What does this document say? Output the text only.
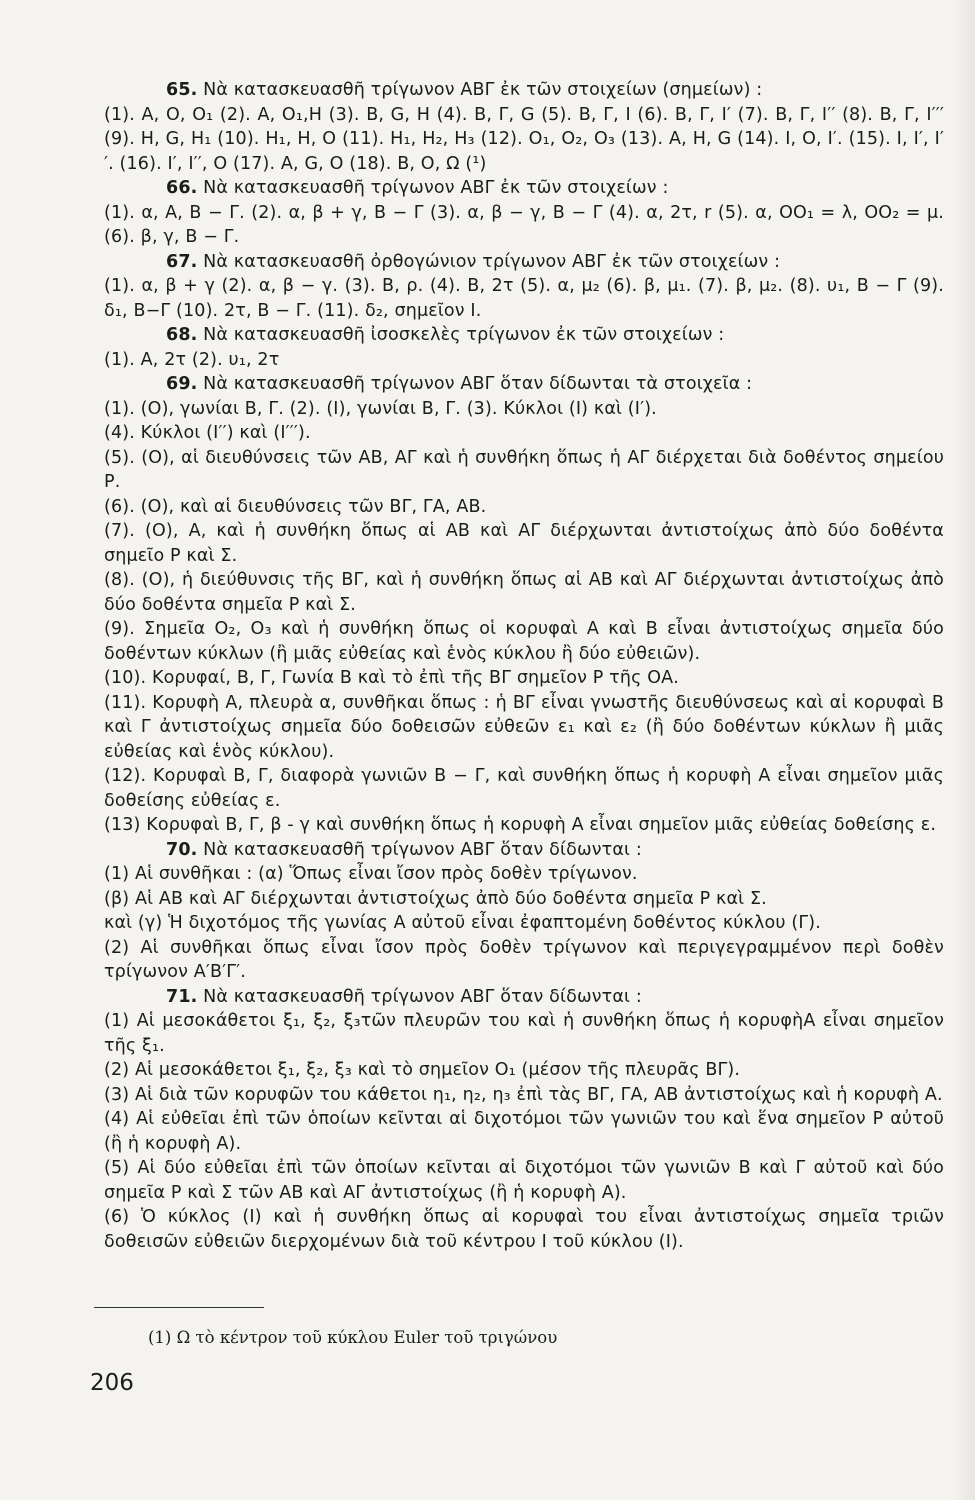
65. Νὰ κατασκευασθῆ τρίγωνον ΑΒΓ ἐκ τῶν στοιχείων (σημείων) :

(1). Α, Ο, Ο₁ (2). Α, Ο₁,Η (3). Β, G, Η (4). Β, Γ, G (5). Β, Γ, Ι (6). Β, Γ, Ι′ (7). Β, Γ, Ι′′ (8). Β, Γ, Ι′′′ (9). Η, G, Η₁ (10). Η₁, Η, Ο (11). Η₁, Η₂, Η₃ (12). Ο₁, Ο₂, Ο₃ (13). Α, Η, G (14). Ι, Ο, Ι′. (15). Ι, Ι′, Ι′′. (16). Ι′, Ι′′, Ο (17). Α, G, Ο (18). Β, Ο, Ω (¹)

66. Νὰ κατασκευασθῆ τρίγωνον ΑΒΓ ἐκ τῶν στοιχείων :

(1). α, Α, Β − Γ. (2). α, β + γ, Β − Γ (3). α, β − γ, Β − Γ (4). α, 2τ, r (5). α, ΟΟ₁ = λ, ΟΟ₂ = μ. (6). β, γ, Β − Γ.

67. Νὰ κατασκευασθῆ ὀρθογώνιον τρίγωνον ΑΒΓ ἐκ τῶν στοιχείων :

(1). α, β + γ (2). α, β − γ. (3). Β, ρ. (4). Β, 2τ (5). α, μ₂ (6). β, μ₁. (7). β, μ₂. (8). υ₁, Β − Γ (9). δ₁, Β−Γ (10). 2τ, Β − Γ. (11). δ₂, σημεῖον Ι.

68. Νὰ κατασκευασθῆ ἰσοσκελὲς τρίγωνον ἐκ τῶν στοιχείων :

(1). Α, 2τ (2). υ₁, 2τ

69. Νὰ κατασκευασθῆ τρίγωνον ΑΒΓ ὅταν δίδωνται τὰ στοιχεῖα :

(1). (Ο), γωνίαι Β, Γ. (2). (Ι), γωνίαι Β, Γ. (3). Κύκλοι (Ι) καὶ (Ι′).

(4). Κύκλοι (Ι′′) καὶ (Ι′′′).

(5). (Ο), αἱ διευθύνσεις τῶν ΑΒ, ΑΓ καὶ ἡ συνθήκη ὅπως ἡ ΑΓ διέρχεται διὰ δοθέντος σημείου Ρ.

(6). (Ο), καὶ αἱ διευθύνσεις τῶν ΒΓ, ΓΑ, ΑΒ.

(7). (Ο), Α, καὶ ἡ συνθήκη ὅπως αἱ ΑΒ καὶ ΑΓ διέρχωνται ἀντιστοίχως ἀπὸ δύο δοθέντα σημεῖο Ρ καὶ Σ.

(8). (Ο), ἡ διεύθυνσις τῆς ΒΓ, καὶ ἡ συνθήκη ὅπως αἱ ΑΒ καὶ ΑΓ διέρχωνται ἀντιστοίχως ἀπὸ δύο δοθέντα σημεῖα Ρ καὶ Σ.

(9). Σημεῖα Ο₂, Ο₃ καὶ ἡ συνθήκη ὅπως οἱ κορυφαὶ Α καὶ Β εἶναι ἀντιστοίχως σημεῖα δύο δοθέντων κύκλων (ἢ μιᾶς εὐθείας καὶ ἑνὸς κύκλου ἢ δύο εὐθειῶν).

(10). Κορυφαί, Β, Γ, Γωνία Β καὶ τὸ ἐπὶ τῆς ΒΓ σημεῖον Ρ τῆς ΟΑ.

(11). Κορυφὴ Α, πλευρὰ α, συνθῆκαι ὅπως : ἡ ΒΓ εἶναι γνωστῆς διευθύνσεως καὶ αἱ κορυφαὶ Β καὶ Γ ἀντιστοίχως σημεῖα δύο δοθεισῶν εὐθεῶν ε₁ καὶ ε₂ (ἢ δύο δοθέντων κύκλων ἢ μιᾶς εὐθείας καὶ ἑνὸς κύκλου).

(12). Κορυφαὶ Β, Γ, διαφορὰ γωνιῶν Β − Γ, καὶ συνθήκη ὅπως ἡ κορυφὴ Α εἶναι σημεῖον μιᾶς δοθείσης εὐθείας ε.

(13) Κορυφαὶ Β, Γ, β - γ καὶ συνθήκη ὅπως ἡ κορυφὴ Α εἶναι σημεῖον μιᾶς εὐθείας δοθείσης ε.

70. Νὰ κατασκευασθῆ τρίγωνον ΑΒΓ ὅταν δίδωνται :

(1) Αἱ συνθῆκαι : (α) Ὅπως εἶναι ἴσον πρὸς δοθὲν τρίγωνον.

(β) Αἱ ΑΒ καὶ ΑΓ διέρχωνται ἀντιστοίχως ἀπὸ δύο δοθέντα σημεῖα Ρ καὶ Σ.

καὶ (γ) Ἡ διχοτόμος τῆς γωνίας Α αὐτοῦ εἶναι ἐφαπτομένη δοθέντος κύκλου (Γ).

(2) Αἱ συνθῆκαι ὅπως εἶναι ἴσον πρὸς δοθὲν τρίγωνον καὶ περιγεγραμμένον περὶ δοθὲν τρίγωνον Α′Β′Γ′.

71. Νὰ κατασκευασθῆ τρίγωνον ΑΒΓ ὅταν δίδωνται :

(1) Αἱ μεσοκάθετοι ξ₁, ξ₂, ξ₃τῶν πλευρῶν του καὶ ἡ συνθήκη ὅπως ἡ κορυφὴΑ εἶναι σημεῖον τῆς ξ₁.

(2) Αἱ μεσοκάθετοι ξ₁, ξ₂, ξ₃ καὶ τὸ σημεῖον Ο₁ (μέσον τῆς πλευρᾶς ΒΓ).

(3) Αἱ διὰ τῶν κορυφῶν του κάθετοι η₁, η₂, η₃ ἐπὶ τὰς ΒΓ, ΓΑ, ΑΒ ἀντιστοίχως καὶ ἡ κορυφὴ Α.

(4) Αἱ εὐθεῖαι ἐπὶ τῶν ὁποίων κεῖνται αἱ διχοτόμοι τῶν γωνιῶν του καὶ ἕνα σημεῖον Ρ αὐτοῦ (ἢ ἡ κορυφὴ Α).

(5) Αἱ δύο εὐθεῖαι ἐπὶ τῶν ὁποίων κεῖνται αἱ διχοτόμοι τῶν γωνιῶν Β καὶ Γ αὐτοῦ καὶ δύο σημεῖα Ρ καὶ Σ τῶν ΑΒ καὶ ΑΓ ἀντιστοίχως (ἢ ἡ κορυφὴ Α).

(6) Ὁ κύκλος (Ι) καὶ ἡ συνθήκη ὅπως αἱ κορυφαὶ του εἶναι ἀντιστοίχως σημεῖα τριῶν δοθεισῶν εὐθειῶν διερχομένων διὰ τοῦ κέντρου Ι τοῦ κύκλου (Ι).

(1) Ω τὸ κέντρον τοῦ κύκλου Euler τοῦ τριγώνου
206
